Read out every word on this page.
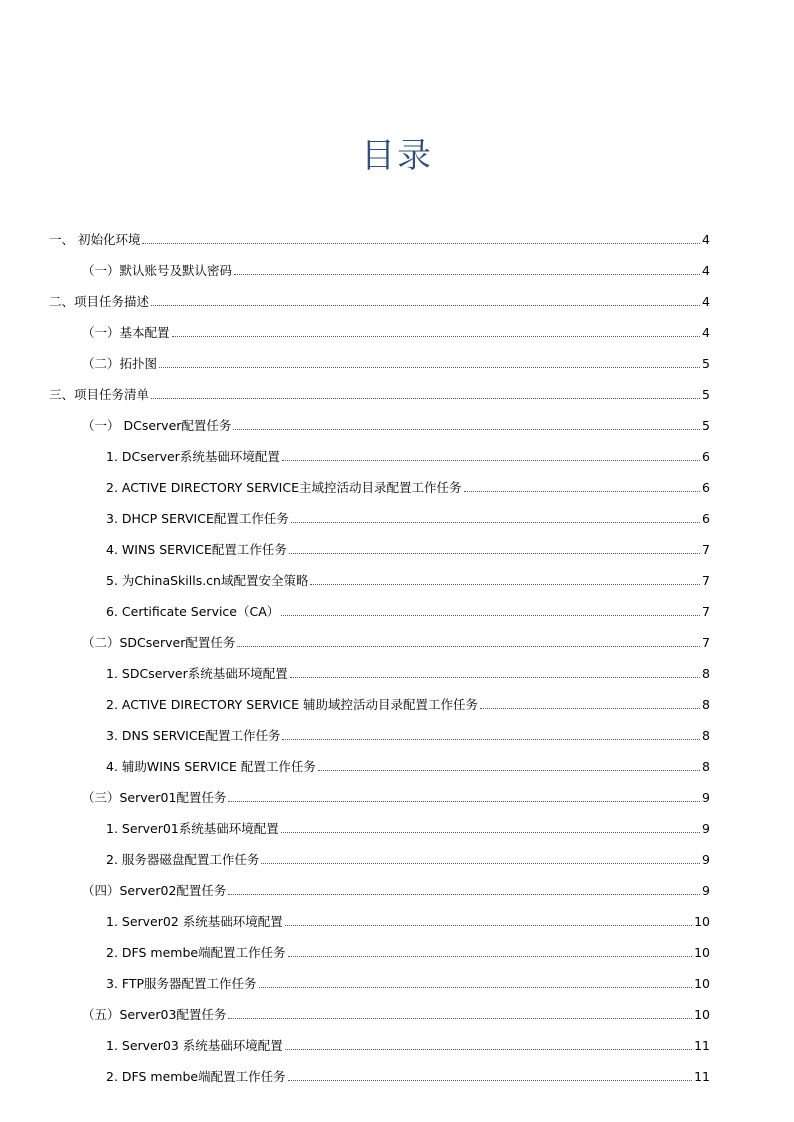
目录
一、 初始化环境	4
（一）默认账号及默认密码	4
二、项目任务描述	4
（一）基本配置	4
（二）拓扑图	5
三、项目任务清单	5
（一） DCserver配置任务	5
1. DCserver系统基础环境配置	6
2. ACTIVE DIRECTORY SERVICE主域控活动目录配置工作任务	6
3. DHCP SERVICE配置工作任务	6
4. WINS SERVICE配置工作任务	7
5. 为ChinaSkills.cn域配置安全策略	7
6. Certificate Service（CA）	7
（二）SDCserver配置任务	7
1. SDCserver系统基础环境配置	8
2. ACTIVE DIRECTORY SERVICE 辅助域控活动目录配置工作任务	8
3. DNS SERVICE配置工作任务	8
4. 辅助WINS SERVICE 配置工作任务	8
（三）Server01配置任务	9
1. Server01系统基础环境配置	9
2. 服务器磁盘配置工作任务	9
（四）Server02配置任务	9
1. Server02 系统基础环境配置	10
2. DFS membe端配置工作任务	10
3. FTP服务器配置工作任务	10
（五）Server03配置任务	10
1. Server03 系统基础环境配置	11
2. DFS membe端配置工作任务	11
